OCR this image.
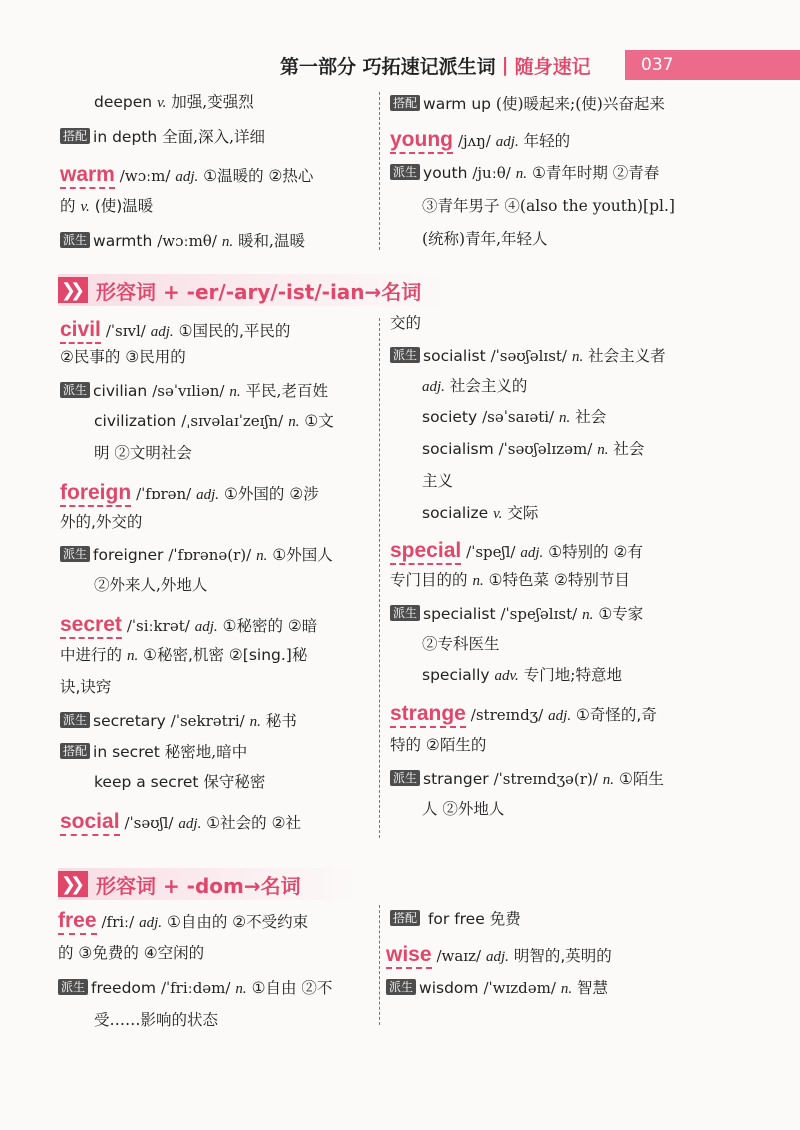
第一部分 巧拓速记派生词 | 随身速记	037
deepen v. 加强,变强烈
搭配 in depth 全面,深入,详细
warm /wɔːm/ adj. ①温暖的 ②热心
的 v. (使)温暖
派生 warmth /wɔːmθ/ n. 暖和,温暖
搭配 warm up (使)暖起来;(使)兴奋起来
young /jʌŋ/ adj. 年轻的
派生 youth /juːθ/ n. ①青年时期 ②青春
③青年男子 ④(also the youth)[pl.]
(统称)青年,年轻人
❯❯ 形容词 + -er/-ary/-ist/-ian→名词
civil /ˈsɪvl/ adj. ①国民的,平民的
②民事的 ③民用的
派生 civilian /səˈvɪliən/ n. 平民,老百姓
civilization /ˌsɪvəlaɪˈzeɪʃn/ n. ①文
明 ②文明社会
foreign /ˈfɒrən/ adj. ①外国的 ②涉
外的,外交的
派生 foreigner /ˈfɒrənə(r)/ n. ①外国人
②外来人,外地人
secret /ˈsiːkrət/ adj. ①秘密的 ②暗
中进行的 n. ①秘密,机密 ②[sing.]秘
诀,诀窍
派生 secretary /ˈsekrətri/ n. 秘书
搭配 in secret 秘密地,暗中
keep a secret 保守秘密
social /ˈsəʊʃl/ adj. ①社会的 ②社
交的
派生 socialist /ˈsəʊʃəlɪst/ n. 社会主义者
adj. 社会主义的
society /səˈsaɪəti/ n. 社会
socialism /ˈsəʊʃəlɪzəm/ n. 社会
主义
socialize v. 交际
special /ˈspeʃl/ adj. ①特别的 ②有
专门目的的 n. ①特色菜 ②特别节目
派生 specialist /ˈspeʃəlɪst/ n. ①专家
②专科医生
specially adv. 专门地;特意地
strange /streɪndʒ/ adj. ①奇怪的,奇
特的 ②陌生的
派生 stranger /ˈstreɪndʒə(r)/ n. ①陌生
人 ②外地人
❯❯ 形容词 + -dom→名词
free /friː/ adj. ①自由的 ②不受约束
的 ③免费的 ④空闲的
派生 freedom /ˈfriːdəm/ n. ①自由 ②不
受……影响的状态
搭配 for free 免费
wise /waɪz/ adj. 明智的,英明的
派生 wisdom /ˈwɪzdəm/ n. 智慧
